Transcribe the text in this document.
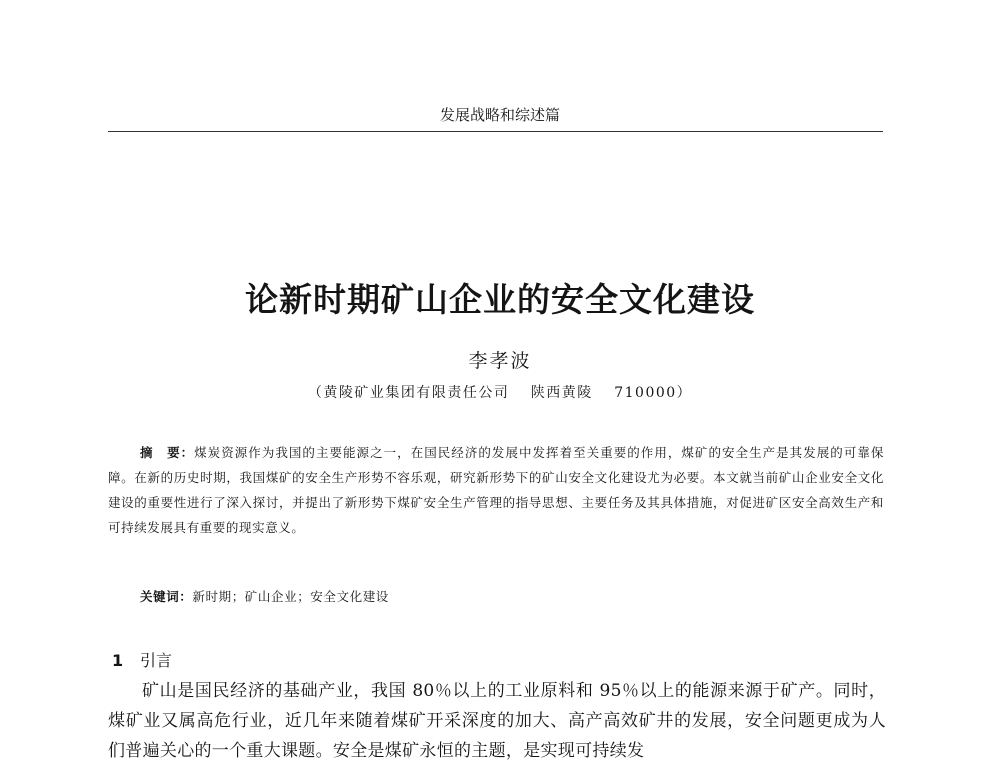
发展战略和综述篇
论新时期矿山企业的安全文化建设
李孝波
（黄陵矿业集团有限责任公司　 陕西黄陵　 710000）
摘　要：煤炭资源作为我国的主要能源之一，在国民经济的发展中发挥着至关重要的作用，煤矿的安全生产是其发展的可靠保障。在新的历史时期，我国煤矿的安全生产形势不容乐观，研究新形势下的矿山安全文化建设尤为必要。本文就当前矿山企业安全文化建设的重要性进行了深入探讨，并提出了新形势下煤矿安全生产管理的指导思想、主要任务及其具体措施，对促进矿区安全高效生产和可持续发展具有重要的现实意义。
关键词：新时期；矿山企业；安全文化建设
1 引言
矿山是国民经济的基础产业，我国 80％以上的工业原料和 95％以上的能源来源于矿产。同时，煤矿业又属高危行业，近几年来随着煤矿开采深度的加大、高产高效矿井的发展，安全问题更成为人们普遍关心的一个重大课题。安全是煤矿永恒的主题，是实现可持续发
